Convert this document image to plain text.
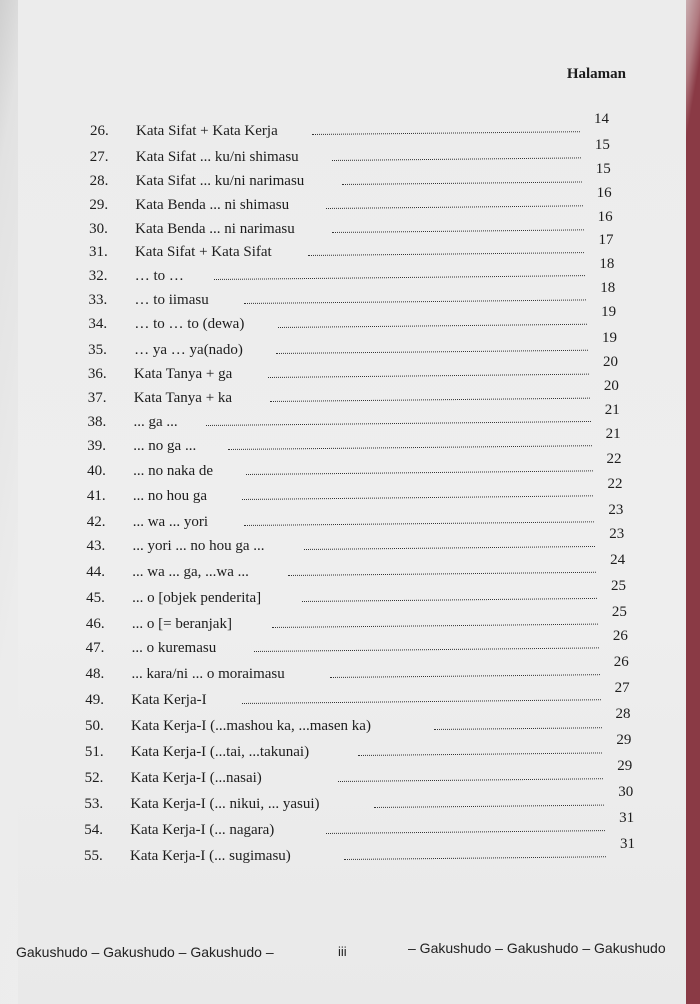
Halaman
26. Kata Sifat + Kata Kerja
14
27. Kata Sifat ... ku/ni shimasu
15
28. Kata Sifat ... ku/ni narimasu
15
29. Kata Benda ... ni shimasu
16
30. Kata Benda ... ni narimasu
16
31. Kata Sifat + Kata Sifat
17
32. … to …
18
33. … to iimasu
18
34. … to … to (dewa)
19
35. … ya … ya(nado)
19
36. Kata Tanya + ga
20
37. Kata Tanya + ka
20
38. ... ga ...
21
39. ... no ga ...
21
40. ... no naka de
22
41. ... no hou ga
22
42. ... wa ... yori
23
43. ... yori ... no hou ga ...
23
44. ... wa ... ga, ...wa ...
24
45. ... o [objek penderita]
25
46. ... o [= beranjak]
25
47. ... o kuremasu
26
48. ... kara/ni ... o moraimasu
26
49. Kata Kerja-I
27
50. Kata Kerja-I (...mashou ka, ...masen ka)
28
51. Kata Kerja-I (...tai, ...takunai)
29
52. Kata Kerja-I (...nasai)
29
53. Kata Kerja-I (... nikui, ... yasui)
30
54. Kata Kerja-I (... nagara)
31
55. Kata Kerja-I (... sugimasu)
31
Gakushudo – Gakushudo – Gakushudo –	iii	– Gakushudo – Gakushudo – Gakushudo
